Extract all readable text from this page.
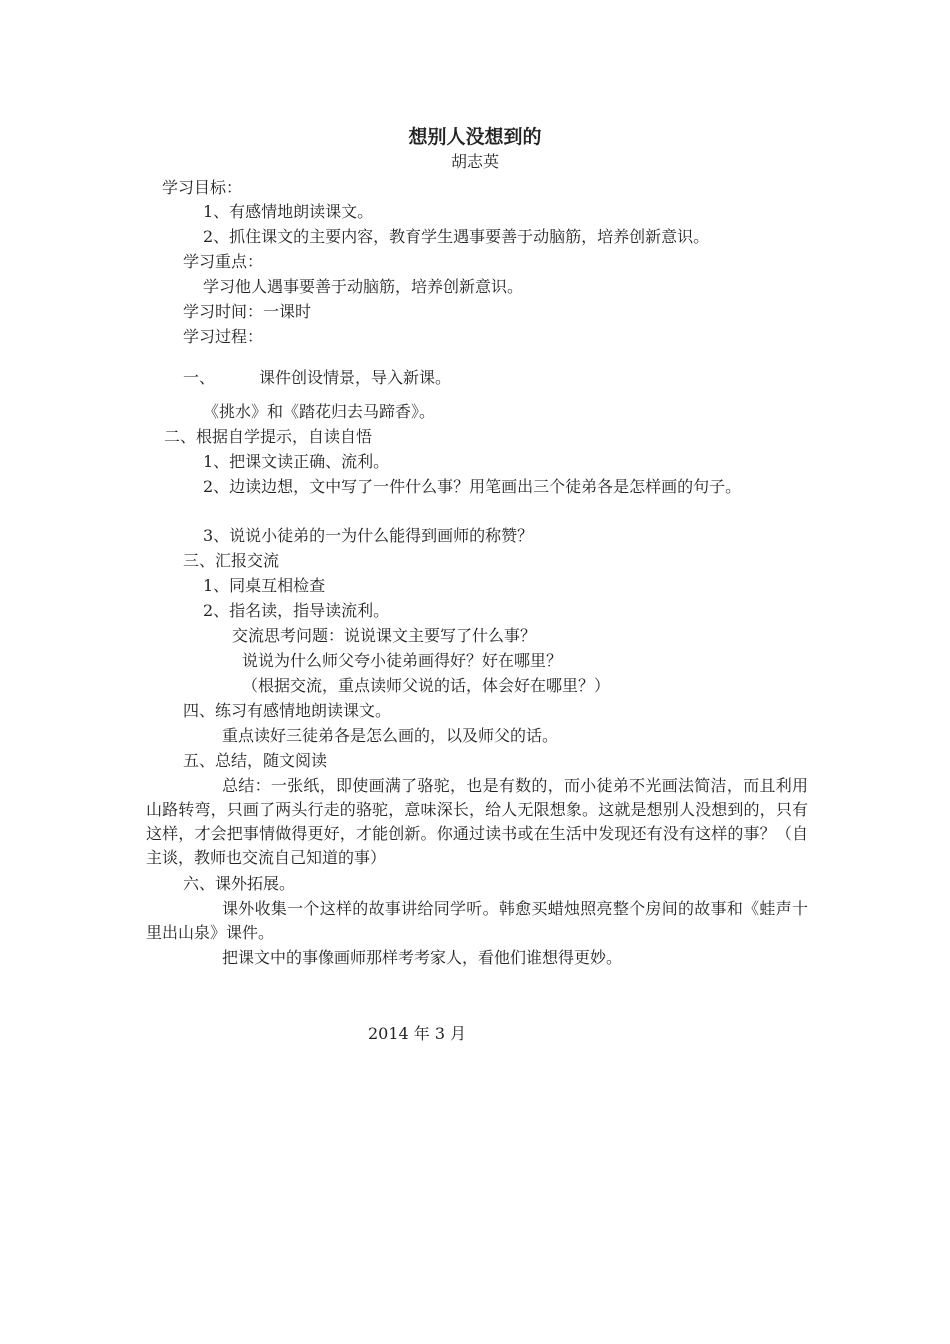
想别人没想到的
胡志英
学习目标：
1、有感情地朗读课文。
2、抓住课文的主要内容，教育学生遇事要善于动脑筋，培养创新意识。
学习重点：
学习他人遇事要善于动脑筋，培养创新意识。
学习时间：一课时
学习过程：
一、	课件创设情景，导入新课。
《挑水》和《踏花归去马蹄香》。
二、根据自学提示，自读自悟
1、把课文读正确、流利。
2、边读边想，文中写了一件什么事？用笔画出三个徒弟各是怎样画的句子。
3、说说小徒弟的一为什么能得到画师的称赞？
三、汇报交流
1、同桌互相检查
2、指名读，指导读流利。
交流思考问题：说说课文主要写了什么事？
说说为什么师父夸小徒弟画得好？好在哪里？
（根据交流，重点读师父说的话，体会好在哪里？）
四、练习有感情地朗读课文。
重点读好三徒弟各是怎么画的，以及师父的话。
五、总结，随文阅读
总结：一张纸，即使画满了骆驼，也是有数的，而小徒弟不光画法简洁，而且利用山路转弯，只画了两头行走的骆驼，意味深长，给人无限想象。这就是想别人没想到的，只有这样，才会把事情做得更好，才能创新。你通过读书或在生活中发现还有没有这样的事？（自主谈，教师也交流自己知道的事）
六、课外拓展。
课外收集一个这样的故事讲给同学听。韩愈买蜡烛照亮整个房间的故事和《蛙声十里出山泉》课件。
把课文中的事像画师那样考考家人，看他们谁想得更妙。
2014 年 3 月
